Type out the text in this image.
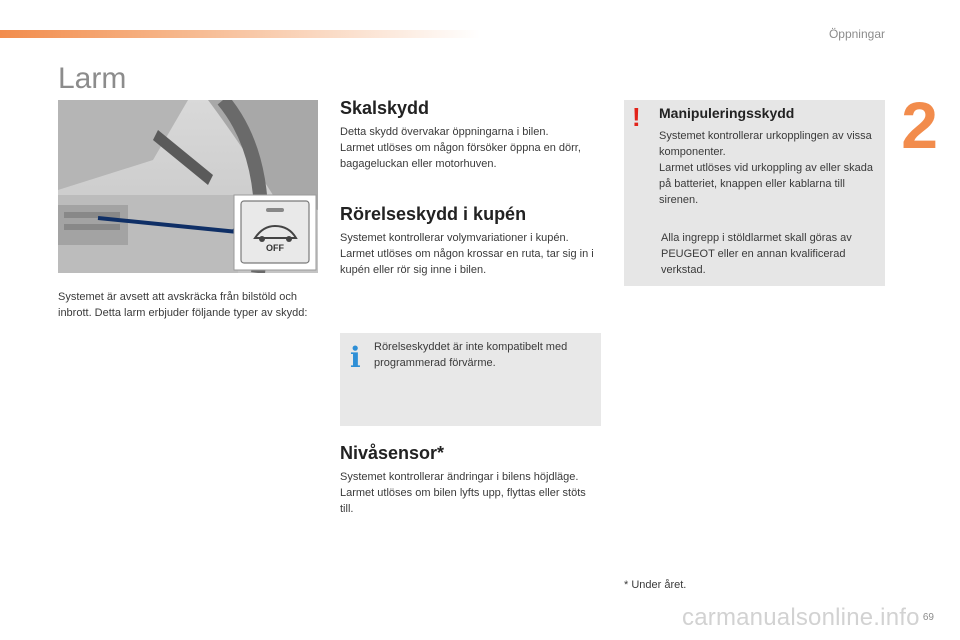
Öppningar
2
Larm
OFF

Systemet är avsett att avskräcka från bilstöld och inbrott. Detta larm erbjuder följande typer av skydd:

Skalskydd

Detta skydd övervakar öppningarna i bilen.
Larmet utlöses om någon försöker öppna en dörr, bagageluckan eller motorhuven.

Rörelseskydd i kupén

Systemet kontrollerar volymvariationer i kupén.
Larmet utlöses om någon krossar en ruta, tar sig in i kupén eller rör sig inne i bilen.

i Rörelseskyddet är inte kompatibelt med programmerad förvärme.

Nivåsensor*

Systemet kontrollerar ändringar i bilens höjdläge.
Larmet utlöses om bilen lyfts upp, flyttas eller stöts till.

! Manipuleringsskydd

Systemet kontrollerar urkopplingen av vissa komponenter.
Larmet utlöses vid urkoppling av eller skada på batteriet, knappen eller kablarna till sirenen.

Alla ingrepp i stöldlarmet skall göras av PEUGEOT eller en annan kvalificerad verkstad.

* Under året.

carmanualsonline.info 69
